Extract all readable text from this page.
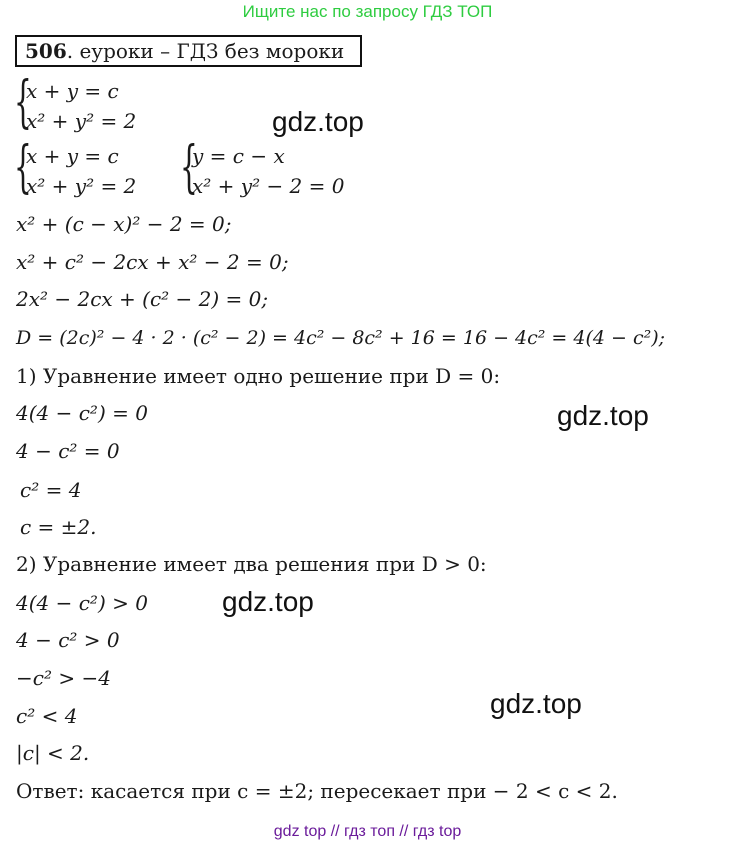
Ищите нас по запросу ГДЗ ТОП
506 . еуроки – ГДЗ без мороки
{
x + y = c
x² + y² = 2
{
x + y = c
x² + y² = 2 {
y = c − x
x² + y² − 2 = 0
gdz.top
gdz.top
gdz.top
gdz.top
x² + (c − x)² − 2 = 0;
x² + c² − 2cx + x² − 2 = 0;
2x² − 2cx + (c² − 2) = 0;
D = (2c)² − 4 · 2 · (c² − 2) = 4c² − 8c² + 16 = 16 − 4c² = 4(4 − c²);
1) Уравнение имеет одно решение при D = 0:
4(4 − c²) = 0
4 − c² = 0
c² = 4
c = ±2.
2) Уравнение имеет два решения при D > 0:
4(4 − c²) > 0
4 − c² > 0
−c² > −4
c² < 4
|c| < 2.
Ответ: касается при c = ±2; пересекает при − 2 < c < 2.
gdz top // гдз топ // гдз top
